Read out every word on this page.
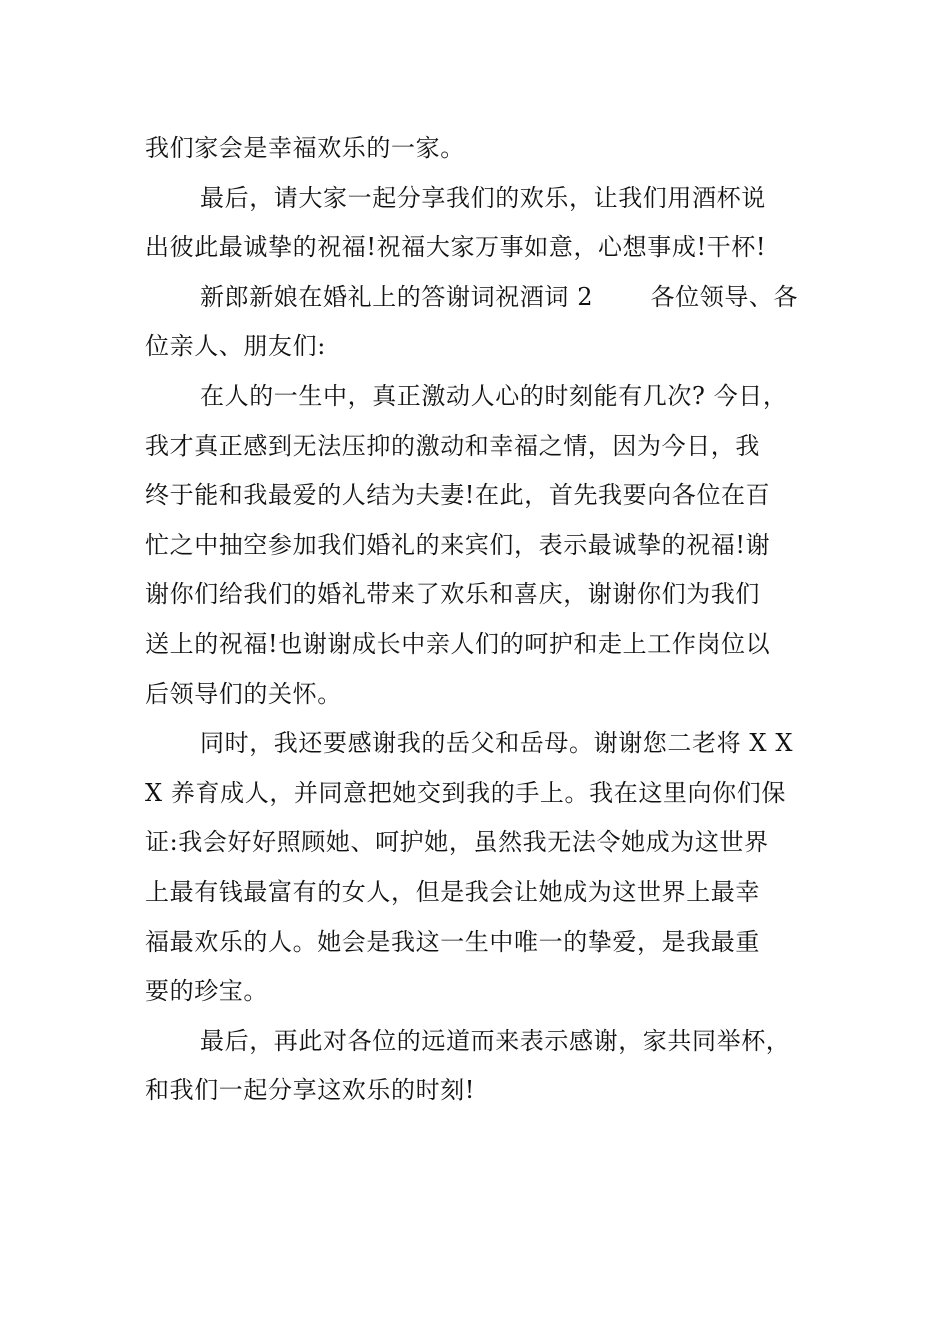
我们家会是幸福欢乐的一家。
最后，请大家一起分享我们的欢乐，让我们用酒杯说
出彼此最诚挚的祝福!祝福大家万事如意，心想事成!干杯!
新郎新娘在婚礼上的答谢词祝酒词 2　　 各位领导、各
位亲人、朋友们:
在人的一生中，真正激动人心的时刻能有几次? 今日，
我才真正感到无法压抑的激动和幸福之情，因为今日，我
终于能和我最爱的人结为夫妻!在此，首先我要向各位在百
忙之中抽空参加我们婚礼的来宾们，表示最诚挚的祝福!谢
谢你们给我们的婚礼带来了欢乐和喜庆，谢谢你们为我们
送上的祝福!也谢谢成长中亲人们的呵护和走上工作岗位以
后领导们的关怀。
同时，我还要感谢我的岳父和岳母。谢谢您二老将 X X
X 养育成人，并同意把她交到我的手上。我在这里向你们保
证:我会好好照顾她、呵护她，虽然我无法令她成为这世界
上最有钱最富有的女人，但是我会让她成为这世界上最幸
福最欢乐的人。她会是我这一生中唯一的挚爱，是我最重
要的珍宝。
最后，再此对各位的远道而来表示感谢，家共同举杯，
和我们一起分享这欢乐的时刻!
